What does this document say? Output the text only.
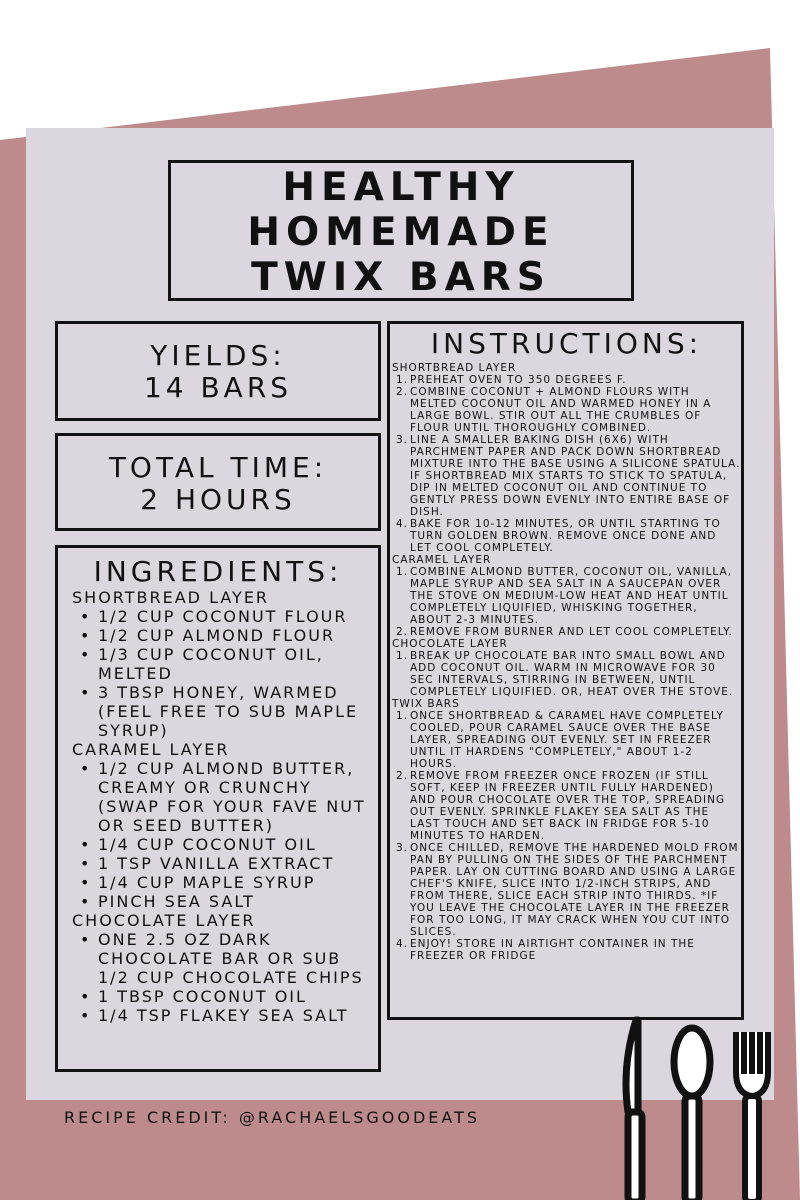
HEALTHY
HOMEMADE
TWIX BARS
YIELDS:
14 BARS
TOTAL TIME:
2 HOURS
INGREDIENTS:
SHORTBREAD LAYER
• 1/2 CUP COCONUT FLOUR
• 1/2 CUP ALMOND FLOUR
• 1/3 CUP COCONUT OIL, MELTED
• 3 TBSP HONEY, WARMED (FEEL FREE TO SUB MAPLE SYRUP)
CARAMEL LAYER
• 1/2 CUP ALMOND BUTTER, CREAMY OR CRUNCHY (SWAP FOR YOUR FAVE NUT OR SEED BUTTER)
• 1/4 CUP COCONUT OIL
• 1 TSP VANILLA EXTRACT
• 1/4 CUP MAPLE SYRUP
• PINCH SEA SALT
CHOCOLATE LAYER
• ONE 2.5 OZ DARK CHOCOLATE BAR OR SUB 1/2 CUP CHOCOLATE CHIPS
• 1 TBSP COCONUT OIL
• 1/4 TSP FLAKEY SEA SALT
INSTRUCTIONS:
SHORTBREAD LAYER
1. PREHEAT OVEN TO 350 DEGREES F.
2. COMBINE COCONUT + ALMOND FLOURS WITH MELTED COCONUT OIL AND WARMED HONEY IN A LARGE BOWL. STIR OUT ALL THE CRUMBLES OF FLOUR UNTIL THOROUGHLY COMBINED.
3. LINE A SMALLER BAKING DISH (6X6) WITH PARCHMENT PAPER AND PACK DOWN SHORTBREAD MIXTURE INTO THE BASE USING A SILICONE SPATULA. IF SHORTBREAD MIX STARTS TO STICK TO SPATULA, DIP IN MELTED COCONUT OIL AND CONTINUE TO GENTLY PRESS DOWN EVENLY INTO ENTIRE BASE OF DISH.
4. BAKE FOR 10-12 MINUTES, OR UNTIL STARTING TO TURN GOLDEN BROWN. REMOVE ONCE DONE AND LET COOL COMPLETELY.
CARAMEL LAYER
1. COMBINE ALMOND BUTTER, COCONUT OIL, VANILLA, MAPLE SYRUP AND SEA SALT IN A SAUCEPAN OVER THE STOVE ON MEDIUM-LOW HEAT AND HEAT UNTIL COMPLETELY LIQUIFIED, WHISKING TOGETHER, ABOUT 2-3 MINUTES.
2. REMOVE FROM BURNER AND LET COOL COMPLETELY.
CHOCOLATE LAYER
1. BREAK UP CHOCOLATE BAR INTO SMALL BOWL AND ADD COCONUT OIL. WARM IN MICROWAVE FOR 30 SEC INTERVALS, STIRRING IN BETWEEN, UNTIL COMPLETELY LIQUIFIED. OR, HEAT OVER THE STOVE.
TWIX BARS
1. ONCE SHORTBREAD & CARAMEL HAVE COMPLETELY COOLED, POUR CARAMEL SAUCE OVER THE BASE LAYER, SPREADING OUT EVENLY. SET IN FREEZER UNTIL IT HARDENS "COMPLETELY," ABOUT 1-2 HOURS.
2. REMOVE FROM FREEZER ONCE FROZEN (IF STILL SOFT, KEEP IN FREEZER UNTIL FULLY HARDENED) AND POUR CHOCOLATE OVER THE TOP, SPREADING OUT EVENLY. SPRINKLE FLAKEY SEA SALT AS THE LAST TOUCH AND SET BACK IN FRIDGE FOR 5-10 MINUTES TO HARDEN.
3. ONCE CHILLED, REMOVE THE HARDENED MOLD FROM PAN BY PULLING ON THE SIDES OF THE PARCHMENT PAPER. LAY ON CUTTING BOARD AND USING A LARGE CHEF'S KNIFE, SLICE INTO 1/2-INCH STRIPS, AND FROM THERE, SLICE EACH STRIP INTO THIRDS. *IF YOU LEAVE THE CHOCOLATE LAYER IN THE FREEZER FOR TOO LONG, IT MAY CRACK WHEN YOU CUT INTO SLICES.
4. ENJOY! STORE IN AIRTIGHT CONTAINER IN THE FREEZER OR FRIDGE
RECIPE CREDIT: @RACHAELSGOODEATS
